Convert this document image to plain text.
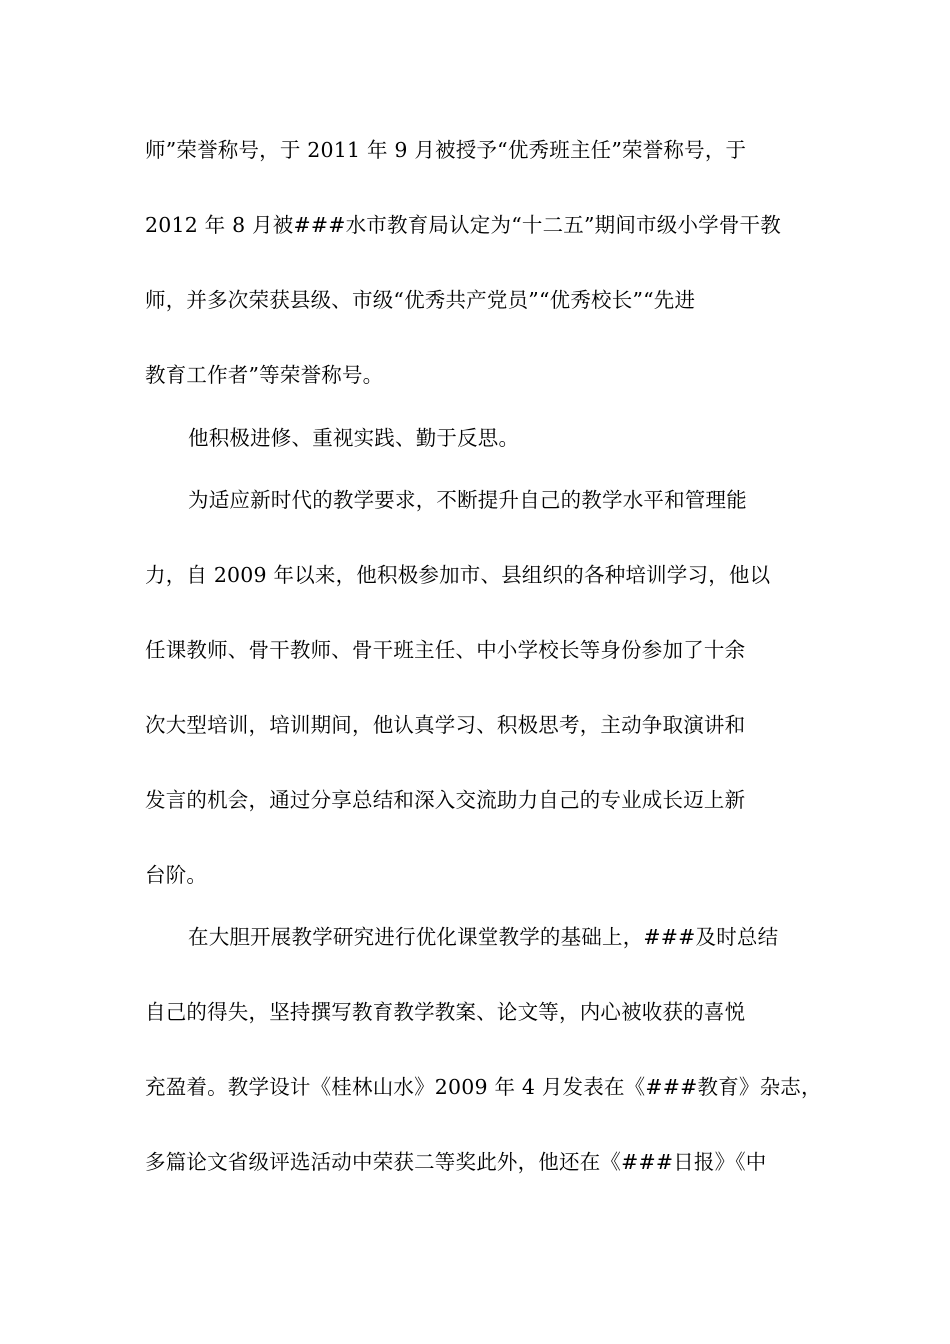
师”荣誉称号，于 2011 年 9 月被授予“优秀班主任”荣誉称号，于
2012 年 8 月被###水市教育局认定为“十二五”期间市级小学骨干教
师，并多次荣获县级、市级“优秀共产党员”“优秀校长”“先进
教育工作者”等荣誉称号。
他积极进修、重视实践、勤于反思。
为适应新时代的教学要求，不断提升自己的教学水平和管理能
力，自 2009 年以来，他积极参加市、县组织的各种培训学习，他以
任课教师、骨干教师、骨干班主任、中小学校长等身份参加了十余
次大型培训，培训期间，他认真学习、积极思考，主动争取演讲和
发言的机会，通过分享总结和深入交流助力自己的专业成长迈上新
台阶。
在大胆开展教学研究进行优化课堂教学的基础上，###及时总结
自己的得失，坚持撰写教育教学教案、论文等，内心被收获的喜悦
充盈着。教学设计《桂林山水》2009 年 4 月发表在《###教育》杂志，
多篇论文省级评选活动中荣获二等奖此外，他还在《###日报》《中
